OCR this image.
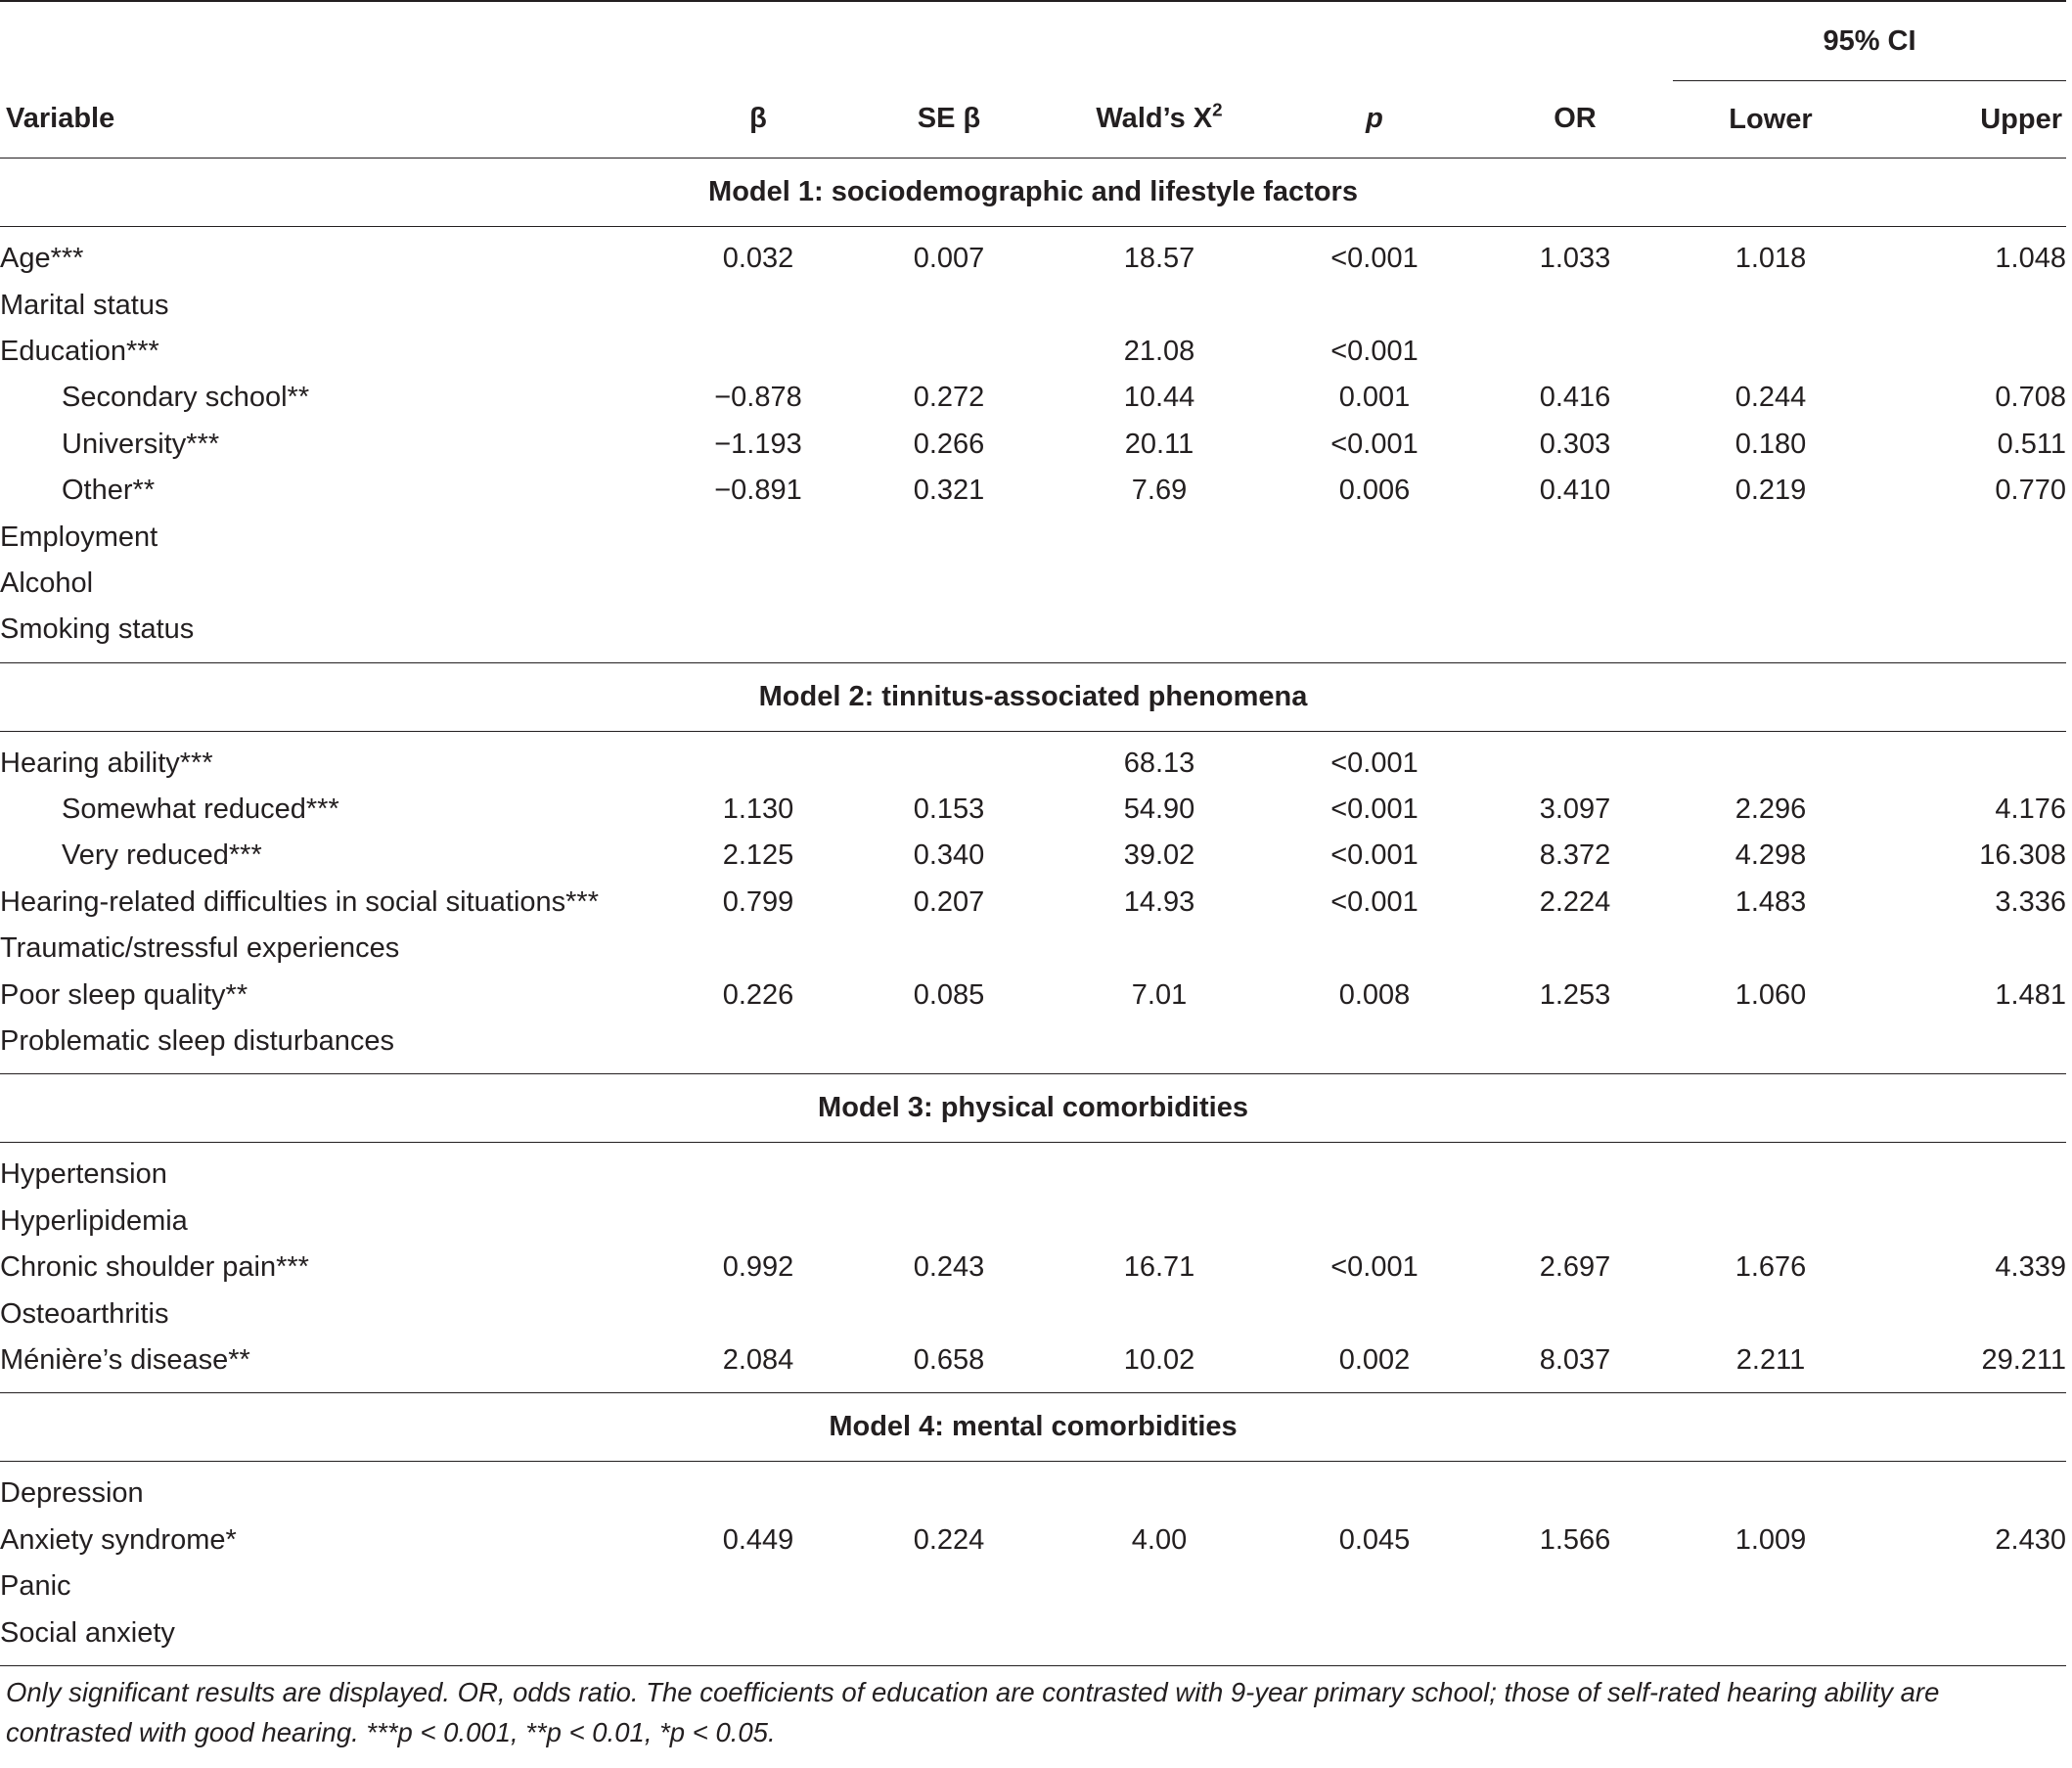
						95% CI	
Variable	β	SE β	Wald’s $X^2$	p	OR	Lower	Upper
Model 1: sociodemographic and lifestyle factors							

Age***	0.032	0.007	18.57	<0.001	1.033	1.018	1.048
Marital status							
Education***			21.08	<0.001			
Secondary school**	−0.878	0.272	10.44	0.001	0.416	0.244	0.708
University***	−1.193	0.266	20.11	<0.001	0.303	0.180	0.511
Other**	−0.891	0.321	7.69	0.006	0.410	0.219	0.770
Employment							
Alcohol							
Smoking status							

Model 2: tinnitus-associated phenomena							

Hearing ability***			68.13	<0.001			
Somewhat reduced***	1.130	0.153	54.90	<0.001	3.097	2.296	4.176
Very reduced***	2.125	0.340	39.02	<0.001	8.372	4.298	16.308
Hearing-related difficulties in social situations***	0.799	0.207	14.93	<0.001	2.224	1.483	3.336
Traumatic/stressful experiences							
Poor sleep quality**	0.226	0.085	7.01	0.008	1.253	1.060	1.481
Problematic sleep disturbances							

Model 3: physical comorbidities							

Hypertension							
Hyperlipidemia							
Chronic shoulder pain***	0.992	0.243	16.71	<0.001	2.697	1.676	4.339
Osteoarthritis							
Ménière’s disease**	2.084	0.658	10.02	0.002	8.037	2.211	29.211

Model 4: mental comorbidities							

Depression							
Anxiety syndrome*	0.449	0.224	4.00	0.045	1.566	1.009	2.430
Panic							
Social anxiety							

Only significant results are displayed. OR, odds ratio. The coefficients of education are contrasted with 9-year primary school; those of self-rated hearing ability are contrasted with good hearing. ***p < 0.001, **p < 0.01, *p < 0.05.							
